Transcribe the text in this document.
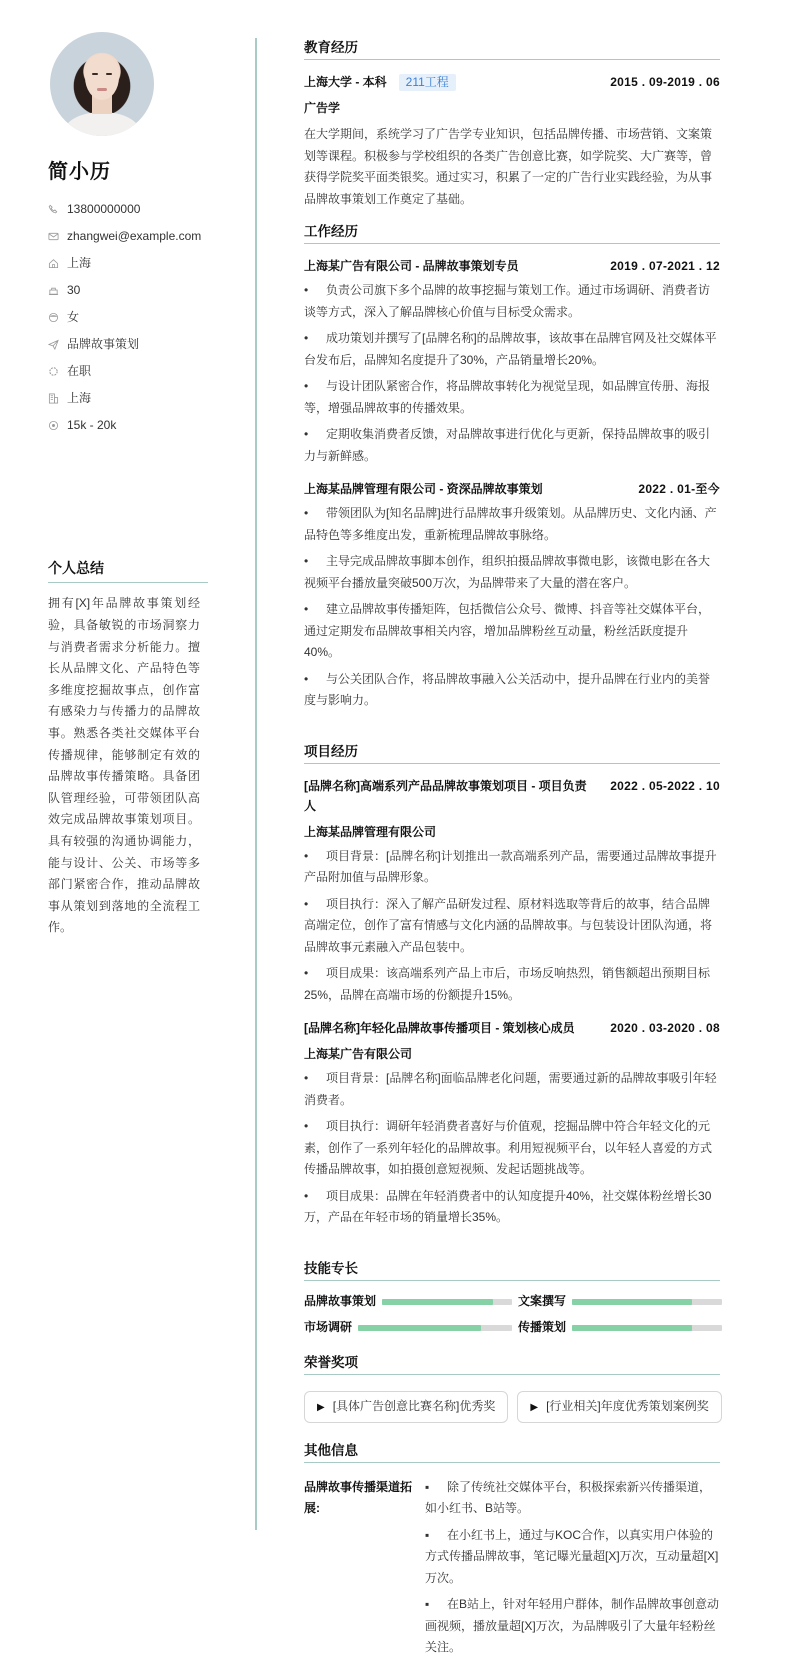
简小历
13800000000
zhangwei@example.com
上海
30
女
品牌故事策划
在职
上海
15k - 20k
个人总结

拥有[X]年品牌故事策划经验，具备敏锐的市场洞察力与消费者需求分析能力。擅长从品牌文化、产品特色等多维度挖掘故事点，创作富有感染力与传播力的品牌故事。熟悉各类社交媒体平台传播规律，能够制定有效的品牌故事传播策略。具备团队管理经验，可带领团队高效完成品牌故事策划项目。具有较强的沟通协调能力，能与设计、公关、市场等多部门紧密合作，推动品牌故事从策划到落地的全流程工作。

教育经历
上海大学 - 本科	211工程	2015 . 09-2019 . 06
广告学

在大学期间，系统学习了广告学专业知识，包括品牌传播、市场营销、文案策划等课程。积极参与学校组织的各类广告创意比赛，如学院奖、大广赛等，曾获得学院奖平面类银奖。通过实习，积累了一定的广告行业实践经验，为从事品牌故事策划工作奠定了基础。

工作经历
上海某广告有限公司 - 品牌故事策划专员	2019 . 07-2021 . 12
• 负责公司旗下多个品牌的故事挖掘与策划工作。通过市场调研、消费者访谈等方式，深入了解品牌核心价值与目标受众需求。
• 成功策划并撰写了[品牌名称]的品牌故事，该故事在品牌官网及社交媒体平台发布后，品牌知名度提升了30%，产品销量增长20%。
• 与设计团队紧密合作，将品牌故事转化为视觉呈现，如品牌宣传册、海报等，增强品牌故事的传播效果。
• 定期收集消费者反馈，对品牌故事进行优化与更新，保持品牌故事的吸引力与新鲜感。
上海某品牌管理有限公司 - 资深品牌故事策划	2022 . 01-至今
• 带领团队为[知名品牌]进行品牌故事升级策划。从品牌历史、文化内涵、产品特色等多维度出发，重新梳理品牌故事脉络。
• 主导完成品牌故事脚本创作，组织拍摄品牌故事微电影，该微电影在各大视频平台播放量突破500万次，为品牌带来了大量的潜在客户。
• 建立品牌故事传播矩阵，包括微信公众号、微博、抖音等社交媒体平台，通过定期发布品牌故事相关内容，增加品牌粉丝互动量，粉丝活跃度提升40%。
• 与公关团队合作，将品牌故事融入公关活动中，提升品牌在行业内的美誉度与影响力。
项目经历
[品牌名称]高端系列产品品牌故事策划项目 - 项目负责人
2022 . 05-2022 . 10
上海某品牌管理有限公司
• 项目背景：[品牌名称]计划推出一款高端系列产品，需要通过品牌故事提升产品附加值与品牌形象。
• 项目执行：深入了解产品研发过程、原材料选取等背后的故事，结合品牌高端定位，创作了富有情感与文化内涵的品牌故事。与包装设计团队沟通，将品牌故事元素融入产品包装中。
• 项目成果：该高端系列产品上市后，市场反响热烈，销售额超出预期目标25%，品牌在高端市场的份额提升15%。
[品牌名称]年轻化品牌故事传播项目 - 策划核心成员	2020 . 03-2020 . 08
上海某广告有限公司
• 项目背景：[品牌名称]面临品牌老化问题，需要通过新的品牌故事吸引年轻消费者。
• 项目执行：调研年轻消费者喜好与价值观，挖掘品牌中符合年轻文化的元素，创作了一系列年轻化的品牌故事。利用短视频平台，以年轻人喜爱的方式传播品牌故事，如拍摄创意短视频、发起话题挑战等。
• 项目成果：品牌在年轻消费者中的认知度提升40%，社交媒体粉丝增长30万，产品在年轻市场的销量增长35%。
技能专长
品牌故事策划	文案撰写
市场调研	传播策划
荣誉奖项
▶ [具体广告创意比赛名称]优秀奖	▶ [行业相关]年度优秀策划案例奖
其他信息
品牌故事传播渠道拓展:
▪ 除了传统社交媒体平台，积极探索新兴传播渠道，如小红书、B站等。
▪ 在小红书上，通过与KOC合作，以真实用户体验的方式传播品牌故事，笔记曝光量超[X]万次，互动量超[X]万次。
▪ 在B站上，针对年轻用户群体，制作品牌故事创意动画视频，播放量超[X]万次，为品牌吸引了大量年轻粉丝关注。
